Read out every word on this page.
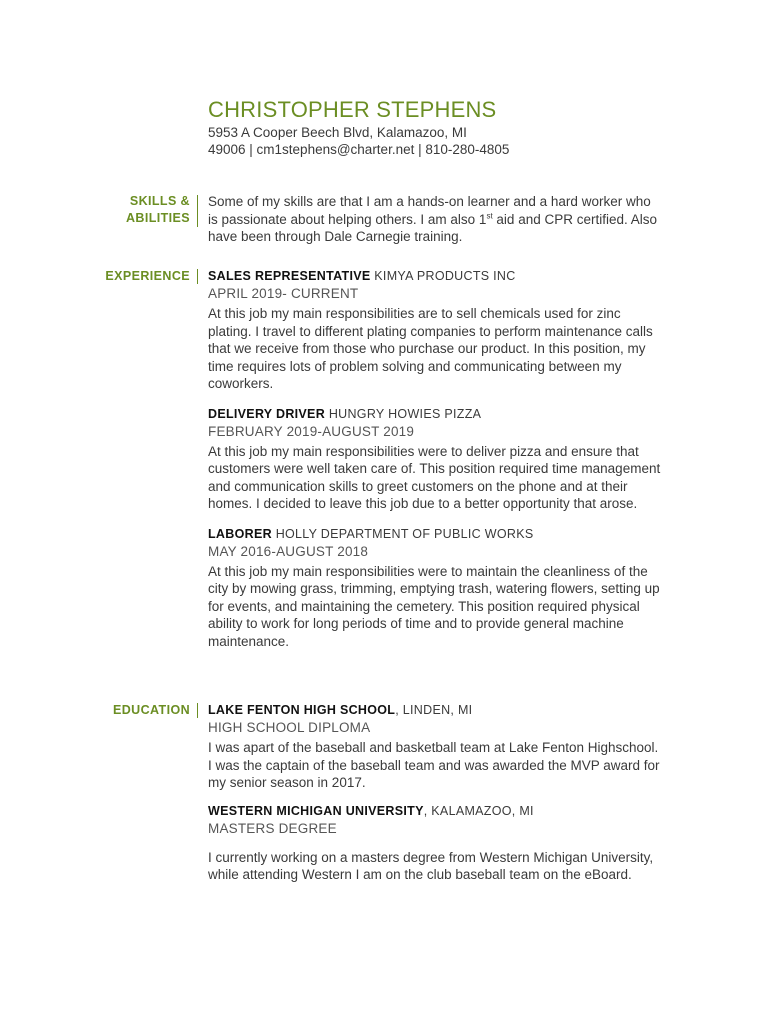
CHRISTOPHER STEPHENS
5953 A Cooper Beech Blvd, Kalamazoo, MI
49006 | cm1stephens@charter.net | 810-280-4805
SKILLS &
ABILITIES

Some of my skills are that I am a hands-on learner and a hard worker who is passionate about helping others. I am also 1st aid and CPR certified. Also have been through Dale Carnegie training.

EXPERIENCE SALES REPRESENTATIVE KIMYA PRODUCTS INC
APRIL 2019- CURRENT

At this job my main responsibilities are to sell chemicals used for zinc plating. I travel to different plating companies to perform maintenance calls that we receive from those who purchase our product. In this position, my time requires lots of problem solving and communicating between my coworkers.

DELIVERY DRIVER HUNGRY HOWIES PIZZA
FEBRUARY 2019-AUGUST 2019

At this job my main responsibilities were to deliver pizza and ensure that customers were well taken care of. This position required time management and communication skills to greet customers on the phone and at their homes. I decided to leave this job due to a better opportunity that arose.

LABORER HOLLY DEPARTMENT OF PUBLIC WORKS
MAY 2016-AUGUST 2018

At this job my main responsibilities were to maintain the cleanliness of the city by mowing grass, trimming, emptying trash, watering flowers, setting up for events, and maintaining the cemetery. This position required physical ability to work for long periods of time and to provide general machine maintenance.

EDUCATION LAKE FENTON HIGH SCHOOL, LINDEN, MI
HIGH SCHOOL DIPLOMA

I was apart of the baseball and basketball team at Lake Fenton Highschool. I was the captain of the baseball team and was awarded the MVP award for my senior season in 2017.

WESTERN MICHIGAN UNIVERSITY, KALAMAZOO, MI
MASTERS DEGREE

I currently working on a masters degree from Western Michigan University, while attending Western I am on the club baseball team on the eBoard.
